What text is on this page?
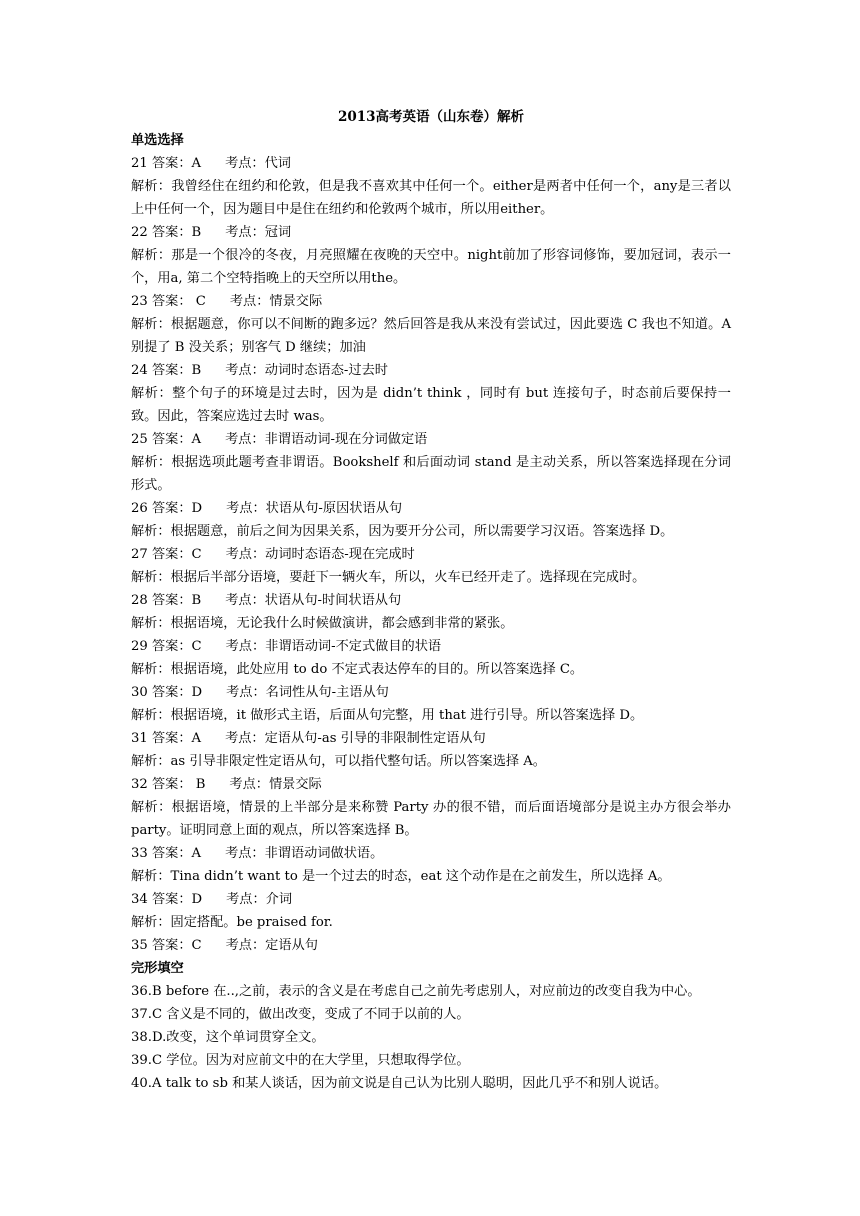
2013高考英语（山东卷）解析
单选选择
21 答案：A 考点：代词
解析：我曾经住在纽约和伦敦，但是我不喜欢其中任何一个。either是两者中任何一个，any是三者以上中任何一个，因为题目中是住在纽约和伦敦两个城市，所以用either。
22 答案：B 考点：冠词
解析：那是一个很冷的冬夜，月亮照耀在夜晚的天空中。night前加了形容词修饰，要加冠词，表示一个，用a, 第二个空特指晚上的天空所以用the。
23 答案： C 考点：情景交际
解析：根据题意，你可以不间断的跑多远？然后回答是我从来没有尝试过，因此要选 C 我也不知道。A 别提了 B 没关系；别客气 D 继续；加油
24 答案：B 考点：动词时态语态-过去时
解析：整个句子的环境是过去时，因为是 didn’t think ，同时有 but 连接句子，时态前后要保持一致。因此，答案应选过去时 was。
25 答案：A 考点：非谓语动词-现在分词做定语
解析：根据选项此题考查非谓语。Bookshelf 和后面动词 stand 是主动关系，所以答案选择现在分词形式。
26 答案：D 考点：状语从句-原因状语从句
解析：根据题意，前后之间为因果关系，因为要开分公司，所以需要学习汉语。答案选择 D。
27 答案：C 考点：动词时态语态-现在完成时
解析：根据后半部分语境，要赶下一辆火车，所以，火车已经开走了。选择现在完成时。
28 答案：B 考点：状语从句-时间状语从句
解析：根据语境，无论我什么时候做演讲，都会感到非常的紧张。
29 答案：C 考点：非谓语动词-不定式做目的状语
解析：根据语境，此处应用 to do 不定式表达停车的目的。所以答案选择 C。
30 答案：D 考点：名词性从句-主语从句
解析：根据语境，it 做形式主语，后面从句完整，用 that 进行引导。所以答案选择 D。
31 答案：A 考点：定语从句-as 引导的非限制性定语从句
解析：as 引导非限定性定语从句，可以指代整句话。所以答案选择 A。
32 答案： B 考点：情景交际
解析：根据语境，情景的上半部分是来称赞 Party 办的很不错，而后面语境部分是说主办方很会举办 party。证明同意上面的观点，所以答案选择 B。
33 答案：A 考点：非谓语动词做状语。
解析：Tina didn’t want to 是一个过去的时态，eat 这个动作是在之前发生，所以选择 A。
34 答案：D 考点：介词
解析：固定搭配。be praised for.
35 答案：C 考点：定语从句
完形填空
36.B before 在..,之前，表示的含义是在考虑自己之前先考虑别人，对应前边的改变自我为中心。
37.C 含义是不同的，做出改变，变成了不同于以前的人。
38.D.改变，这个单词贯穿全文。
39.C 学位。因为对应前文中的在大学里，只想取得学位。
40.A talk to sb 和某人谈话，因为前文说是自己认为比别人聪明，因此几乎不和别人说话。
